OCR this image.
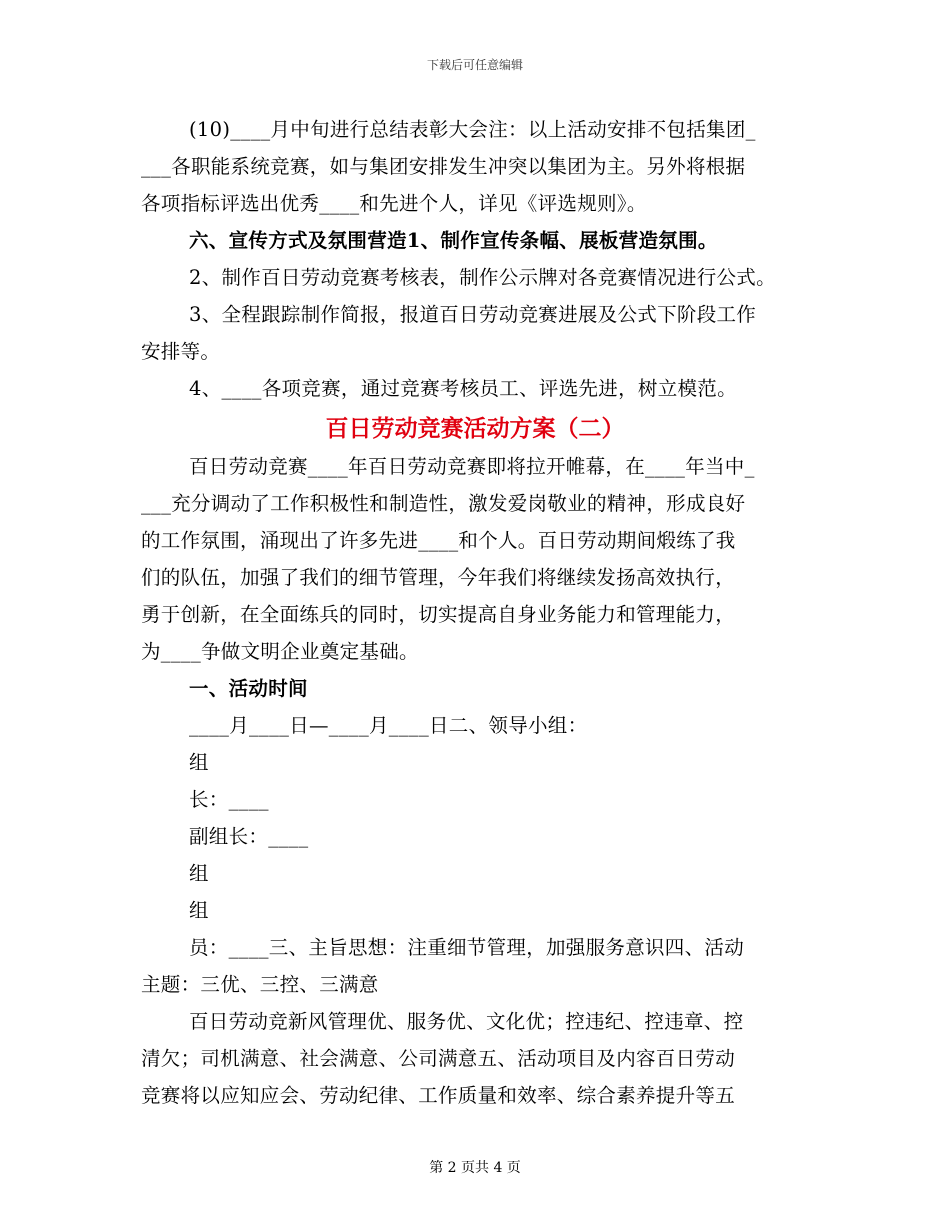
下载后可任意编辑
(10)____月中旬进行总结表彰大会注：以上活动安排不包括集团_
___各职能系统竞赛，如与集团安排发生冲突以集团为主。另外将根据
各项指标评选出优秀____和先进个人，详见《评选规则》。
六、宣传方式及氛围营造1、制作宣传条幅、展板营造氛围。
2、制作百日劳动竞赛考核表，制作公示牌对各竞赛情况进行公式。
3、全程跟踪制作简报，报道百日劳动竞赛进展及公式下阶段工作
安排等。
4、____各项竞赛，通过竞赛考核员工、评选先进，树立模范。
百日劳动竞赛活动方案（二）
百日劳动竞赛____年百日劳动竞赛即将拉开帷幕，在____年当中_
___充分调动了工作积极性和制造性，激发爱岗敬业的精神，形成良好
的工作氛围，涌现出了许多先进____和个人。百日劳动期间煅练了我
们的队伍，加强了我们的细节管理，今年我们将继续发扬高效执行，
勇于创新，在全面练兵的同时，切实提高自身业务能力和管理能力，
为____争做文明企业奠定基础。
一、活动时间
____月____日—____月____日二、领导小组：
组
长：____
副组长：____
组
组
员：____三、主旨思想：注重细节管理，加强服务意识四、活动
主题：三优、三控、三满意
百日劳动竞新风管理优、服务优、文化优；控违纪、控违章、控
清欠；司机满意、社会满意、公司满意五、活动项目及内容百日劳动
竞赛将以应知应会、劳动纪律、工作质量和效率、综合素养提升等五
第 2 页共 4 页
